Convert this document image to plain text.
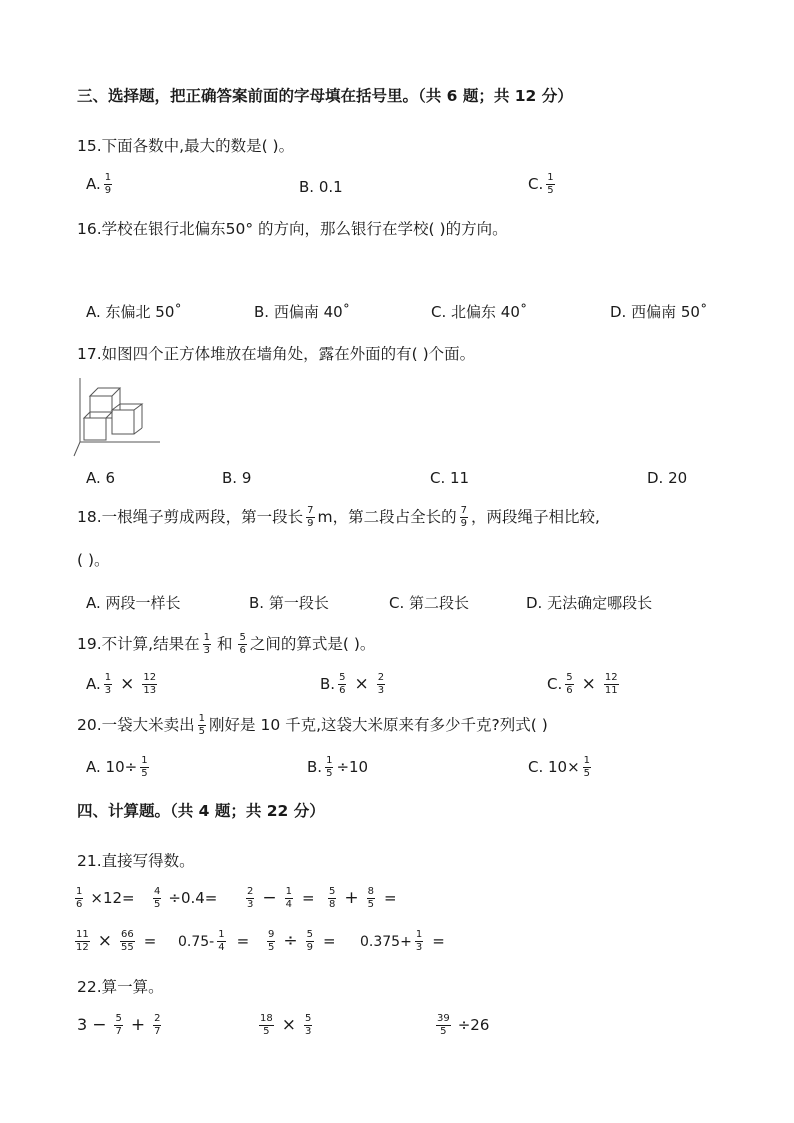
三、选择题，把正确答案前面的字母填在括号里。（共 6 题；共 12 分）
15.下面各数中,最大的数是( )。
A. $\frac{1}{9}$	B. 0.1	C. $\frac{1}{5}$
16.学校在银行北偏东50° 的方向，那么银行在学校( )的方向。
A. 东偏北 50˚	B. 西偏南 40˚	C. 北偏东 40˚	D. 西偏南 50˚
17.如图四个正方体堆放在墙角处，露在外面的有( )个面。
A. 6	B. 9	C. 11	D. 20
18.一根绳子剪成两段，第一段长 $\frac{7}{9}$ m，第二段占全长的 $\frac{7}{9}$ ，两段绳子相比较,
( )。
A. 两段一样长	B. 第一段长	C. 第二段长	D. 无法确定哪段长
19.不计算,结果在 $\frac{1}{3}$ 和 $\frac{5}{6}$ 之间的算式是( )。
A. $\frac{1}{3} \times \frac{12}{13}$	B. $\frac{5}{6} \times \frac{2}{3}$	C. $\frac{5}{6} \times \frac{12}{11}$
20.一袋大米卖出 $\frac{1}{5}$ 刚好是 10 千克,这袋大米原来有多少千克?列式( )
A. $10\div \frac{1}{5}$	B. $\frac{1}{5} \div 10$	C. $10\times \frac{1}{5}$
四、计算题。（共 4 题；共 22 分）
21.直接写得数。
$\frac{1}{6} \times 12= \frac{4}{5} \div 0.4=$	$\frac{2}{3} - \frac{1}{4} = \frac{5}{8} + \frac{8}{5}$ =
$\frac{11}{12} \times \frac{66}{55} = 0.75- \frac{1}{4} = \frac{9}{5} \div \frac{5}{9} = 0.375+ \frac{1}{3}$ =
22.算一算。
$3 - \frac{5}{7} + \frac{2}{7}$	$\frac{18}{5} \times \frac{5}{3}$	$\frac{39}{5} \div 26$
